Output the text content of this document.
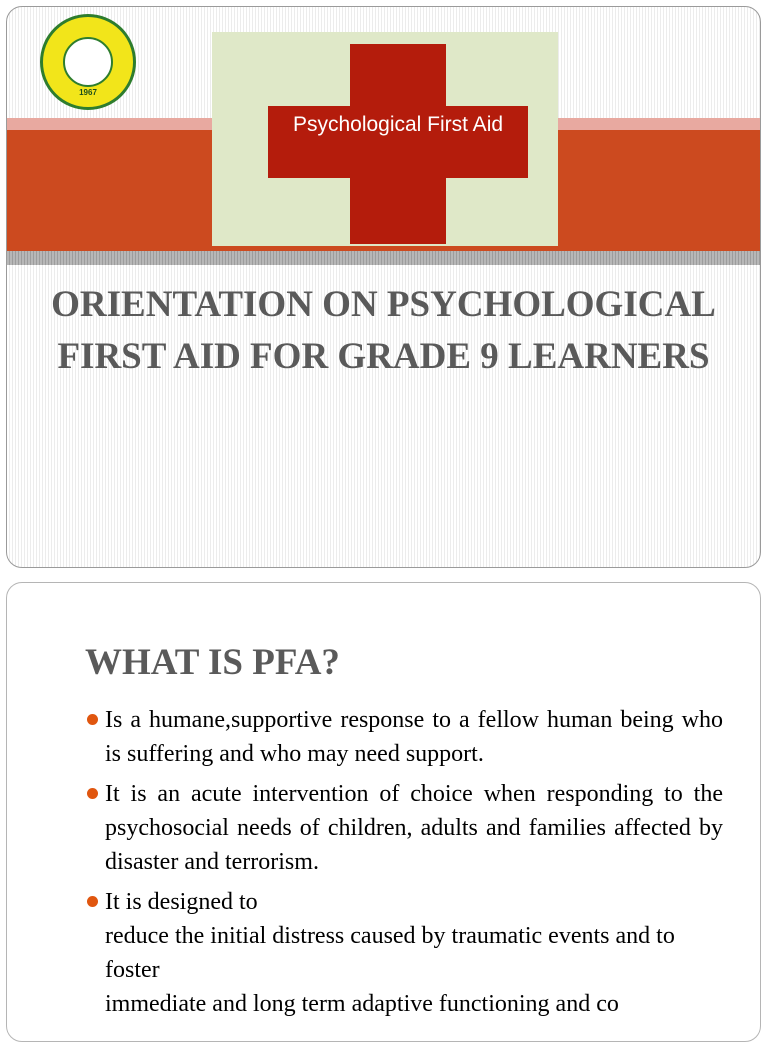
1967
Psychological First Aid
ORIENTATION ON PSYCHOLOGICAL FIRST AID FOR GRADE 9 LEARNERS
WHAT IS PFA?
Is a humane,supportive response to a fellow human being who is suffering and who may need support.
It is an acute intervention of choice when responding to the psychosocial needs of children, adults and families affected by disaster and terrorism.
It is designed to
reduce the initial distress caused by traumatic events and to foster
immediate and long term adaptive functioning and co
